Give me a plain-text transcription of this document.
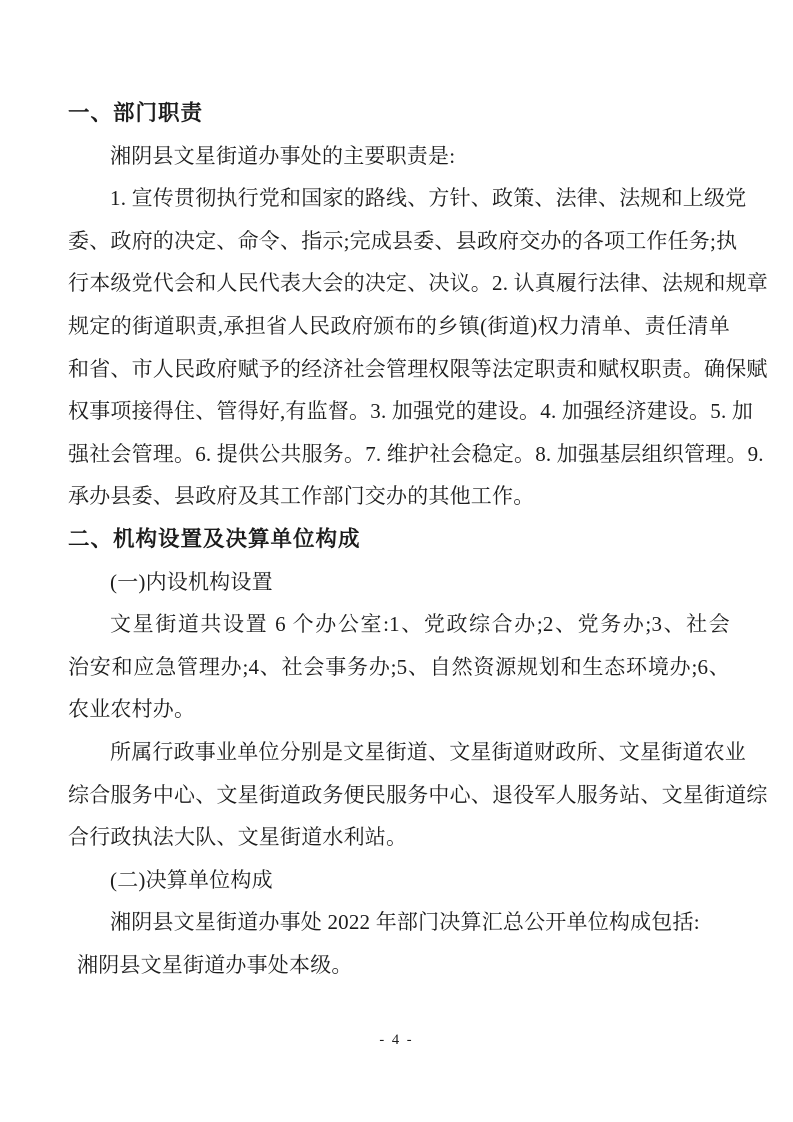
一、部门职责
湘阴县文星街道办事处的主要职责是:
1. 宣传贯彻执行党和国家的路线、方针、政策、法律、法规和上级党
委、政府的决定、命令、指示;完成县委、县政府交办的各项工作任务;执
行本级党代会和人民代表大会的决定、决议。2. 认真履行法律、法规和规章
规定的街道职责,承担省人民政府颁布的乡镇(街道)权力清单、责任清单
和省、市人民政府赋予的经济社会管理权限等法定职责和赋权职责。确保赋
权事项接得住、管得好,有监督。3. 加强党的建设。4. 加强经济建设。5. 加
强社会管理。6. 提供公共服务。7. 维护社会稳定。8. 加强基层组织管理。9.
承办县委、县政府及其工作部门交办的其他工作。
二、机构设置及决算单位构成
(一)内设机构设置
文星街道共设置 6 个办公室:1、党政综合办;2、党务办;3、社会
治安和应急管理办;4、社会事务办;5、自然资源规划和生态环境办;6、
农业农村办。
所属行政事业单位分别是文星街道、文星街道财政所、文星街道农业
综合服务中心、文星街道政务便民服务中心、退役军人服务站、文星街道综
合行政执法大队、文星街道水利站。
(二)决算单位构成
湘阴县文星街道办事处 2022 年部门决算汇总公开单位构成包括:
湘阴县文星街道办事处本级。
- 4 -
